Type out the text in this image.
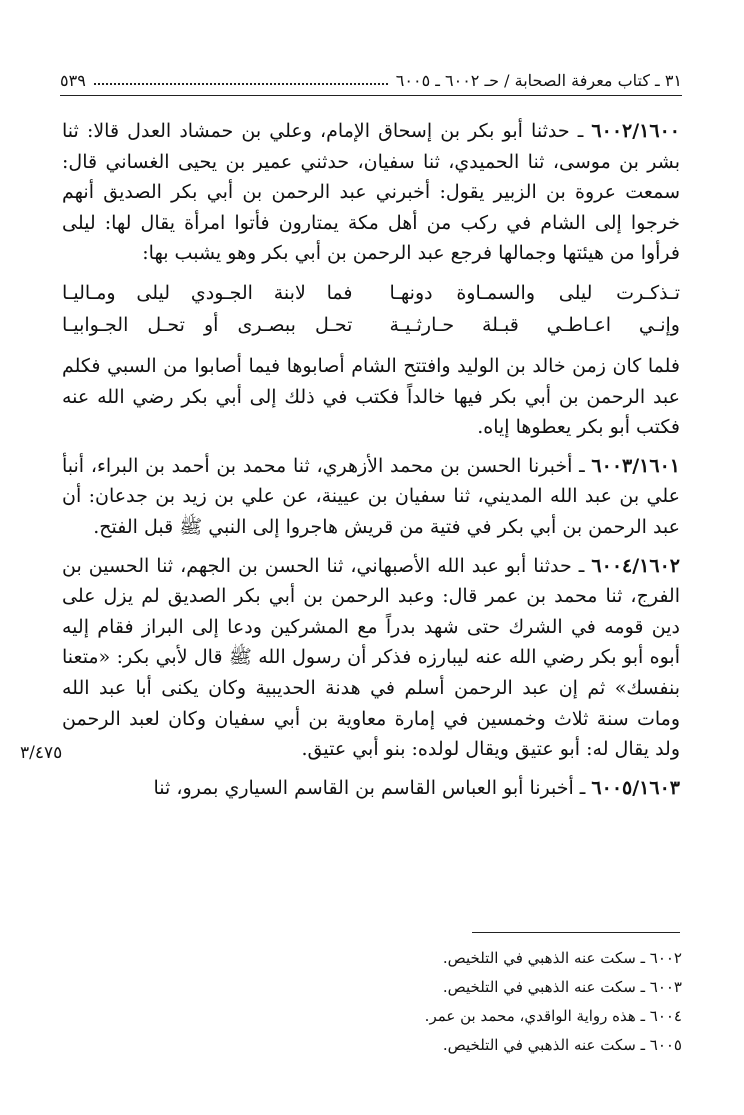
٣١ ـ كتاب معرفة الصحابة / حـ ٦٠٠٢ ـ ٦٠٠٥
٥٣٩

٦٠٠٢/١٦٠٠ ـ حدثنا أبو بكر بن إسحاق الإمام، وعلي بن حمشاد العدل قالا: ثنا بشر بن موسى، ثنا الحميدي، ثنا سفيان، حدثني عمير بن يحيى الغساني قال: سمعت عروة بن الزبير يقول: أخبرني عبد الرحمن بن أبي بكر الصديق أنهم خرجوا إلى الشام في ركب من أهل مكة يمتارون فأتوا امرأة يقال لها: ليلى فرأوا من هيئتها وجمالها فرجع عبد الرحمن بن أبي بكر وهو يشبب بها:

تـذكـرت ليلى والسمـاوة دونهـا
فما لابنة الجـودي ليلى ومـاليـا
وإنـي اعـاطـي قبـلة حـارثـيـة
تحـل ببصـرى أو تحـل الجـوابيـا

فلما كان زمن خالد بن الوليد وافتتح الشام أصابوها فيما أصابوا من السبي فكلم عبد الرحمن بن أبي بكر فيها خالداً فكتب في ذلك إلى أبي بكر رضي الله عنه فكتب أبو بكر يعطوها إياه.

٦٠٠٣/١٦٠١ ـ أخبرنا الحسن بن محمد الأزهري، ثنا محمد بن أحمد بن البراء، أنبأ علي بن عبد الله المديني، ثنا سفيان بن عيينة، عن علي بن زيد بن جدعان: أن عبد الرحمن بن أبي بكر في فتية من قريش هاجروا إلى النبي ﷺ قبل الفتح.

٦٠٠٤/١٦٠٢ ـ حدثنا أبو عبد الله الأصبهاني، ثنا الحسن بن الجهم، ثنا الحسين بن الفرج، ثنا محمد بن عمر قال: وعبد الرحمن بن أبي بكر الصديق لم يزل على دين قومه في الشرك حتى شهد بدراً مع المشركين ودعا إلى البراز فقام إليه أبوه أبو بكر رضي الله عنه ليبارزه فذكر أن رسول الله ﷺ قال لأبي بكر: «متعنا بنفسك» ثم إن عبد الرحمن أسلم في هدنة الحديبية وكان يكنى أبا عبد الله ومات سنة ثلاث وخمسين في إمارة معاوية بن أبي سفيان وكان لعبد الرحمن ولد يقال له: أبو عتيق ويقال لولده: بنو أبي عتيق.

٦٠٠٥/١٦٠٣ ـ أخبرنا أبو العباس القاسم بن القاسم السياري بمرو، ثنا

٣/٤٧٥
٦٠٠٢ ـ سكت عنه الذهبي في التلخيص.
٦٠٠٣ ـ سكت عنه الذهبي في التلخيص.
٦٠٠٤ ـ هذه رواية الواقدي، محمد بن عمر.
٦٠٠٥ ـ سكت عنه الذهبي في التلخيص.
